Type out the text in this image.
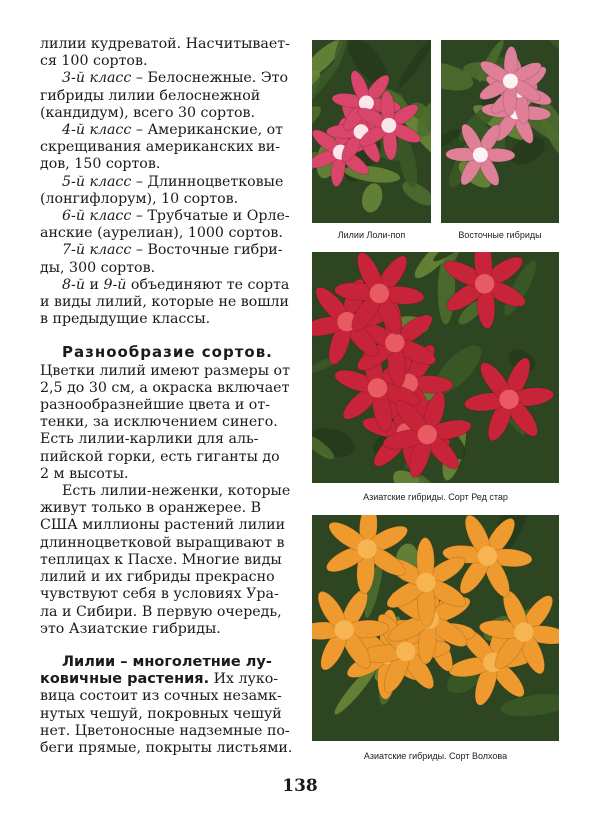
лилии кудреватой. Насчитывает-

ся 100 сортов.

3-й класс – Белоснежные. Это

гибриды лилии белоснежной

(кандидум), всего 30 сортов.

4-й класс – Американские, от

скрещивания американских ви-

дов, 150 сортов.

5-й класс – Длинноцветковые

(лонгифлорум), 10 сортов.

6-й класс – Трубчатые и Орле-

анские (аурелиан), 1000 сортов.

7-й класс – Восточные гибри-

ды, 300 сортов.

8-й и 9-й объединяют те сорта

и виды лилий, которые не вошли

в предыдущие классы.

Разнообразие сортов.

Цветки лилий имеют размеры от

2,5 до 30 см, а окраска включает

разнообразнейшие цвета и от-

тенки, за исключением синего.

Есть лилии-карлики для аль-

пийской горки, есть гиганты до

2 м высоты.

Есть лилии-неженки, которые

живут только в оранжерее. В

США миллионы растений лилии

длинноцветковой выращивают в

теплицах к Пасхе. Многие виды

лилий и их гибриды прекрасно

чувствуют себя в условиях Ура-

ла и Сибири. В первую очередь,

это Азиатские гибриды.

Лилии – многолетние лу-

ковичные растения. Их луко-

вица состоит из сочных незамк-

нутых чешуй, покровных чешуй

нет. Цветоносные надземные по-

беги прямые, покрыты листьями.

Лилии Лоли-поп	Восточные гибриды
Азиатские гибриды. Сорт Ред стар
Азиатские гибриды. Сорт Волхова
138
